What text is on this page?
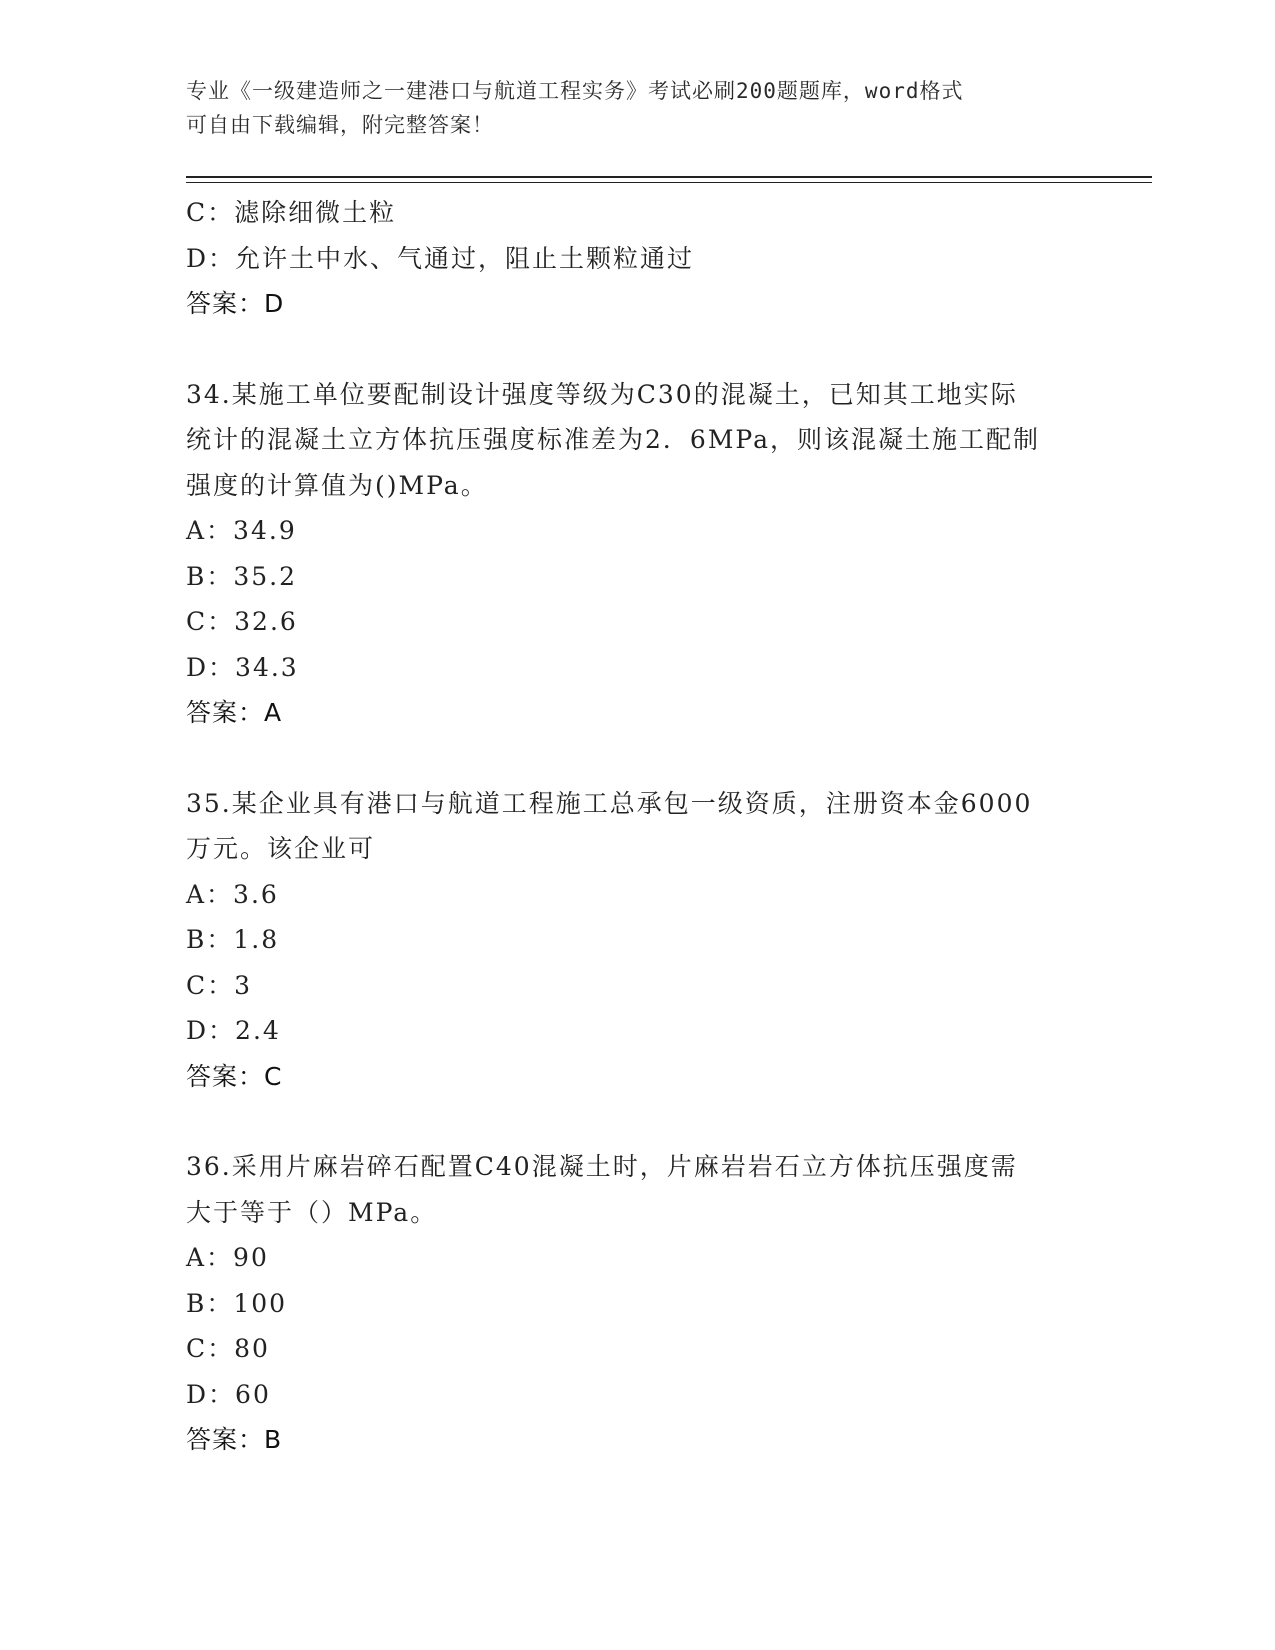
专业《一级建造师之一建港口与航道工程实务》考试必刷200题题库，word格式
可自由下载编辑，附完整答案！
C：滤除细微土粒
D：允许土中水、气通过，阻止土颗粒通过
答案：D
34.某施工单位要配制设计强度等级为C30的混凝土，已知其工地实际
统计的混凝土立方体抗压强度标准差为2．6MPa，则该混凝土施工配制
强度的计算值为()MPa。
A：34.9
B：35.2
C：32.6
D：34.3
答案：A
35.某企业具有港口与航道工程施工总承包一级资质，注册资本金6000
万元。该企业可
A：3.6
B：1.8
C：3
D：2.4
答案：C
36.采用片麻岩碎石配置C40混凝土时，片麻岩岩石立方体抗压强度需
大于等于（）MPa。
A：90
B：100
C：80
D：60
答案：B
